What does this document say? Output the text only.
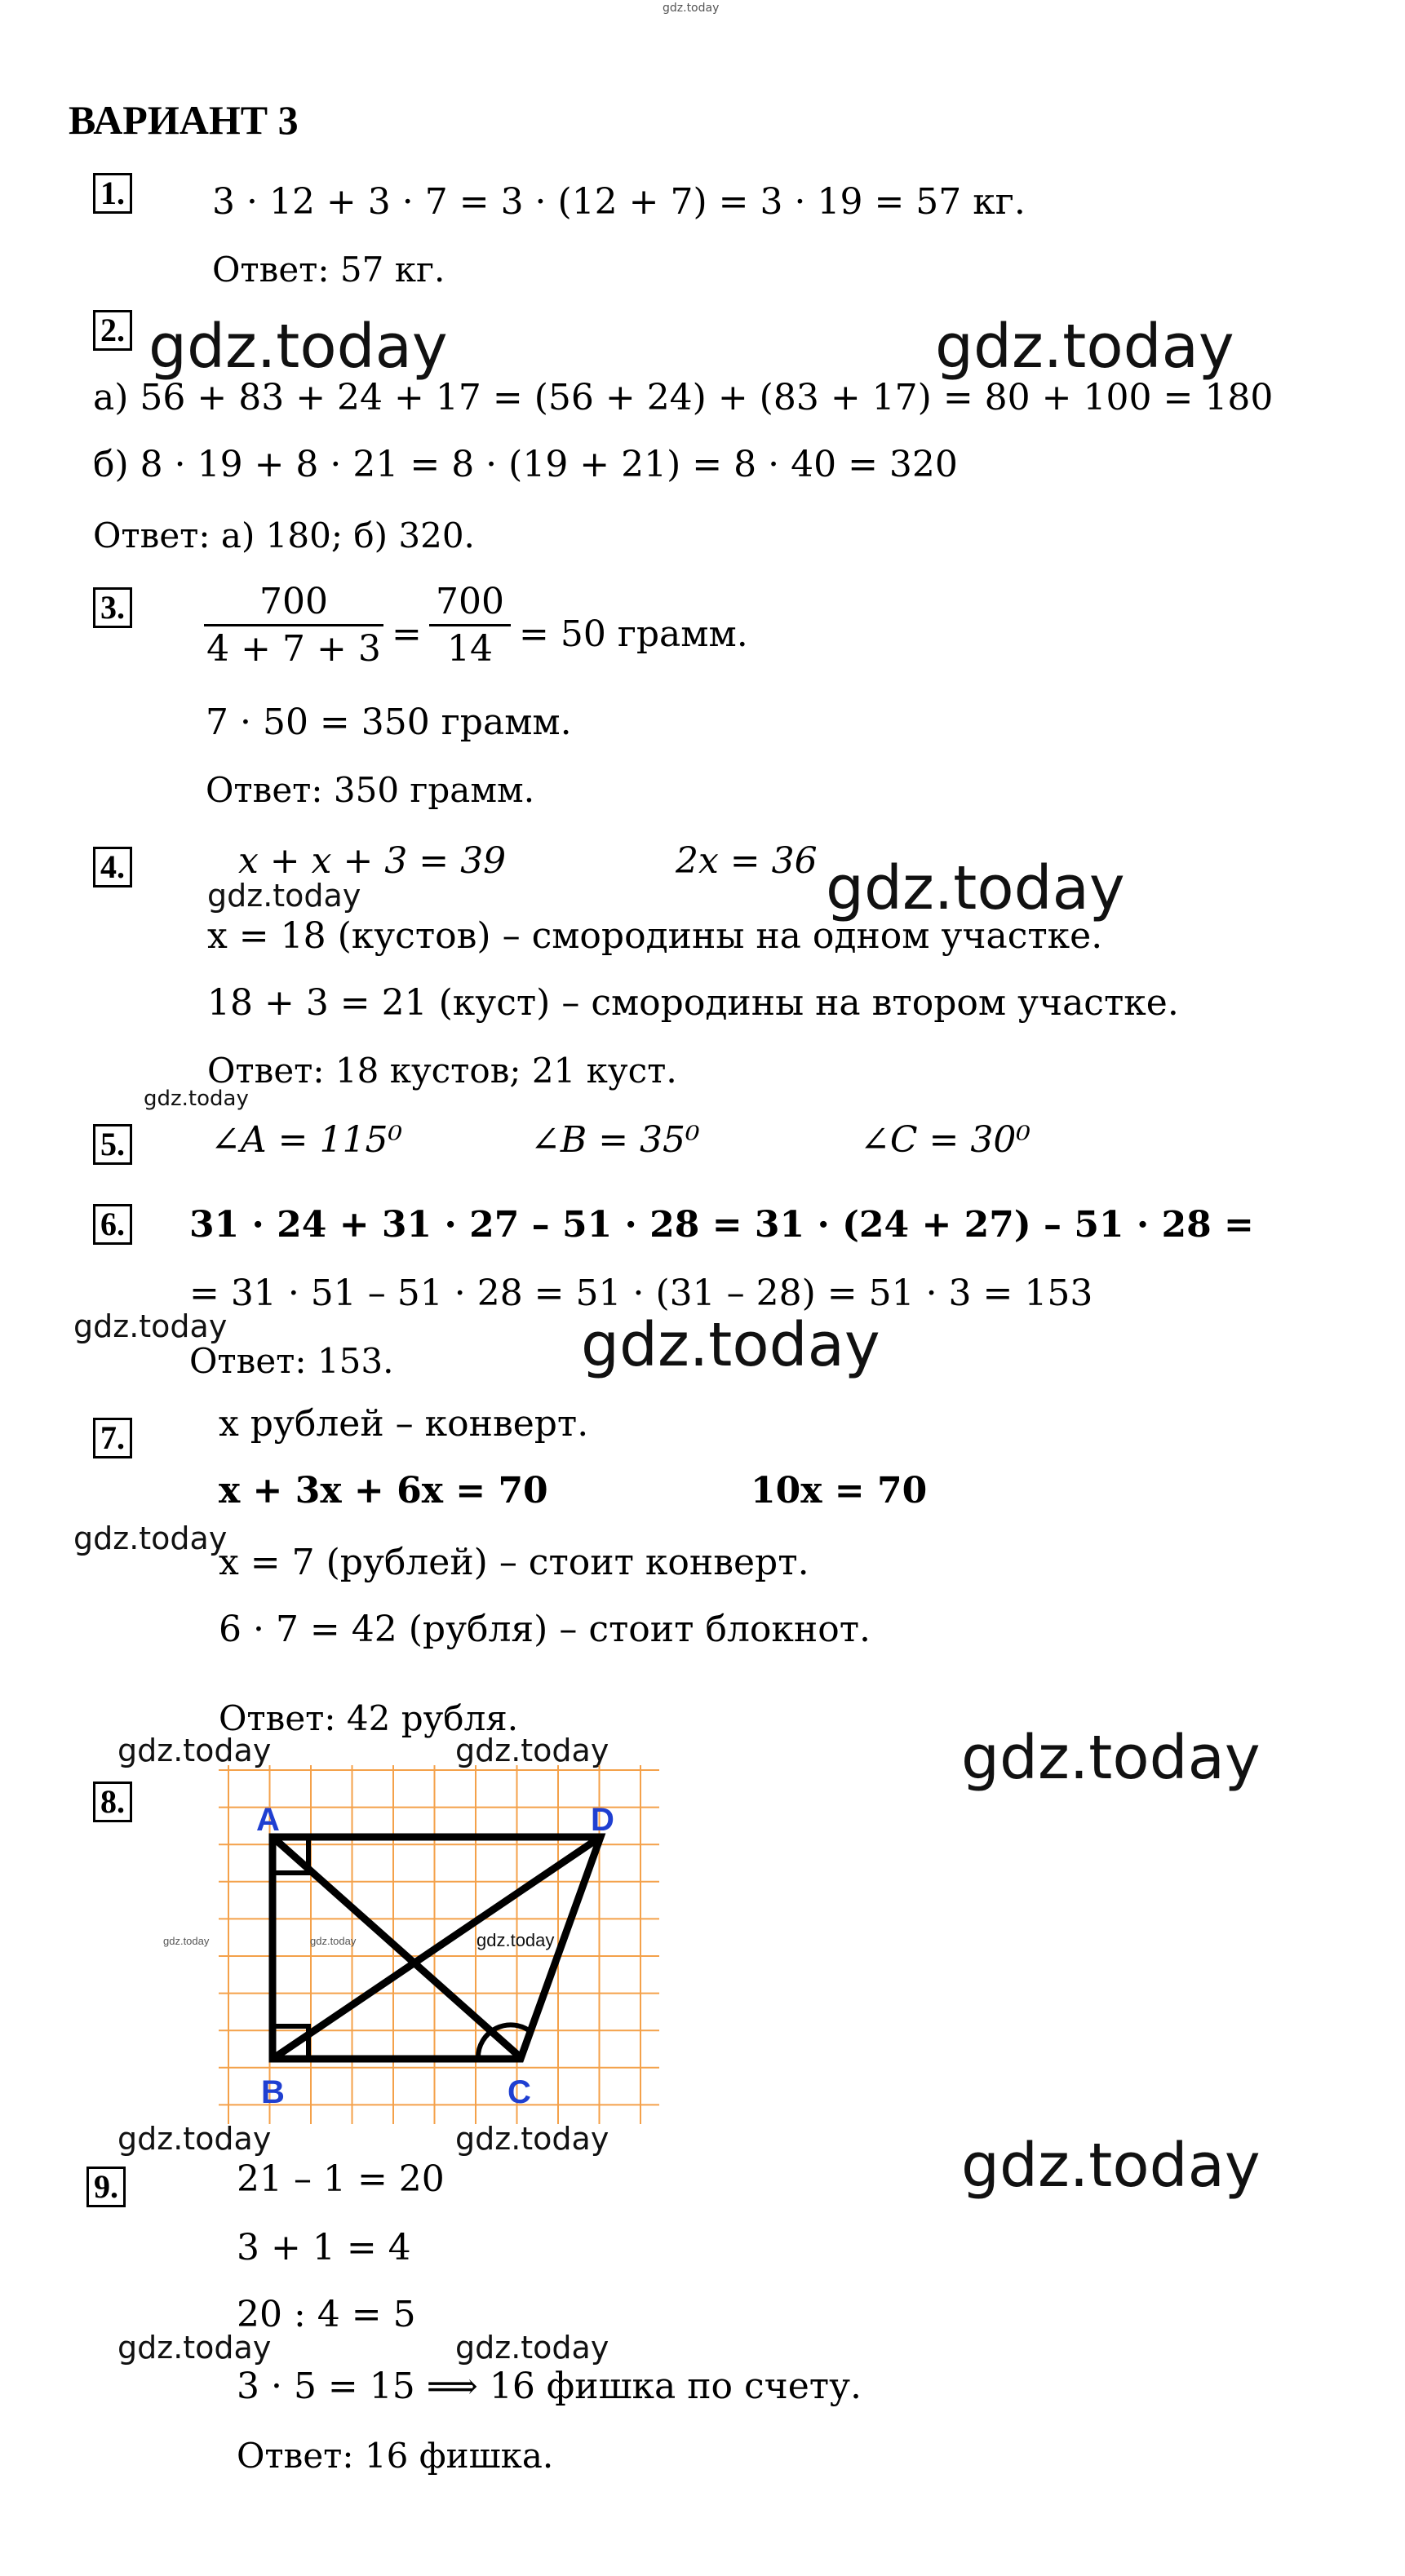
gdz.today
ВАРИАНТ 3
1. 3 · 12 + 3 · 7 = 3 · (12 + 7) = 3 · 19 = 57 кг.
Ответ: 57 кг.
2. gdz.today	gdz.today
а) 56 + 83 + 24 + 17 = (56 + 24) + (83 + 17) = 80 + 100 = 180
б) 8 · 19 + 8 · 21 = 8 · (19 + 21) = 8 · 40 = 320
Ответ: а) 180; б) 320.
3.	700
4 + 7 + 3 =
700
14 = 50 грамм.
7 · 50 = 350 грамм.
Ответ: 350 грамм.
4.	x + x + 3 = 39	2x = 36
gdz.today	gdz.today
x = 18 (кустов) – смородины на одном участке.
18 + 3 = 21 (куст) – смородины на втором участке.
Ответ: 18 кустов; 21 куст.
gdz.today
5. ∠A = 115⁰	∠B = 35⁰	∠C = 30⁰
6. 31 · 24 + 31 · 27 – 51 · 28 = 31 · (24 + 27) – 51 · 28 =
= 31 · 51 – 51 · 28 = 51 · (31 – 28) = 51 · 3 = 153
gdz.today
Ответ: 153.	gdz.today
7.	x рублей – конверт.
x + 3x + 6x = 70	10x = 70
gdz.today
x = 7 (рублей) – стоит конверт.
6 · 7 = 42 (рубля) – стоит блокнот.
Ответ: 42 рубля.
gdz.today	gdz.today	gdz.today
8.	A
B	C
D
gdz.today	gdz.today	gdz.today
gdz.today	gdz.today	gdz.today
9.	21 – 1 = 20
3 + 1 = 4
20 : 4 = 5
gdz.today	gdz.today
3 · 5 = 15 ⟹ 16 фишка по счету.
Ответ: 16 фишка.
